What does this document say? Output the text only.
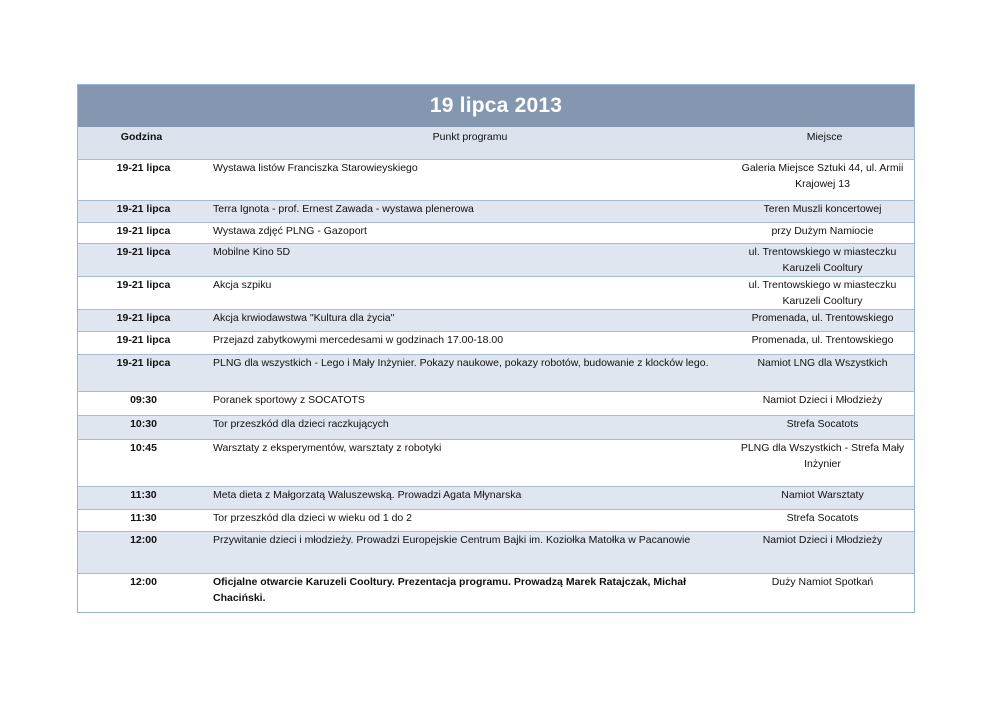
19 lipca 2013
Godzina	Punkt programu	Miejsce
19-21 lipca	Wystawa listów Franciszka Starowieyskiego	Galeria Miejsce Sztuki 44, ul. Armii Krajowej 13
19-21 lipca	Terra Ignota - prof. Ernest Zawada - wystawa plenerowa	Teren Muszli koncertowej
19-21 lipca	Wystawa zdjęć PLNG - Gazoport	przy Dużym Namiocie
19-21 lipca	Mobilne Kino 5D	ul. Trentowskiego w miasteczku Karuzeli Cooltury
19-21 lipca	Akcja szpiku	ul. Trentowskiego w miasteczku Karuzeli Cooltury
19-21 lipca	Akcja krwiodawstwa "Kultura dla życia"	Promenada, ul. Trentowskiego
19-21 lipca	Przejazd zabytkowymi mercedesami w godzinach 17.00-18.00	Promenada, ul. Trentowskiego
19-21 lipca	PLNG dla wszystkich - Lego i Mały Inżynier. Pokazy naukowe, pokazy robotów, budowanie z klocków lego.	Namiot LNG dla Wszystkich
09:30	Poranek sportowy z SOCATOTS	Namiot Dzieci i Młodzieży
10:30	Tor przeszkód dla dzieci raczkujących	Strefa Socatots
10:45	Warsztaty z eksperymentów, warsztaty z robotyki	PLNG dla Wszystkich - Strefa Mały Inżynier
11:30	Meta dieta z Małgorzatą Waluszewską. Prowadzi Agata Młynarska	Namiot Warsztaty
11:30	Tor przeszkód dla dzieci w wieku od 1 do 2	Strefa Socatots
12:00	Przywitanie dzieci i młodzieży. Prowadzi Europejskie Centrum Bajki im. Koziołka Matołka w Pacanowie	Namiot Dzieci i Młodzieży
12:00	Oficjalne otwarcie Karuzeli Cooltury. Prezentacja programu. Prowadzą Marek Ratajczak, Michał Chaciński.	Duży Namiot Spotkań
